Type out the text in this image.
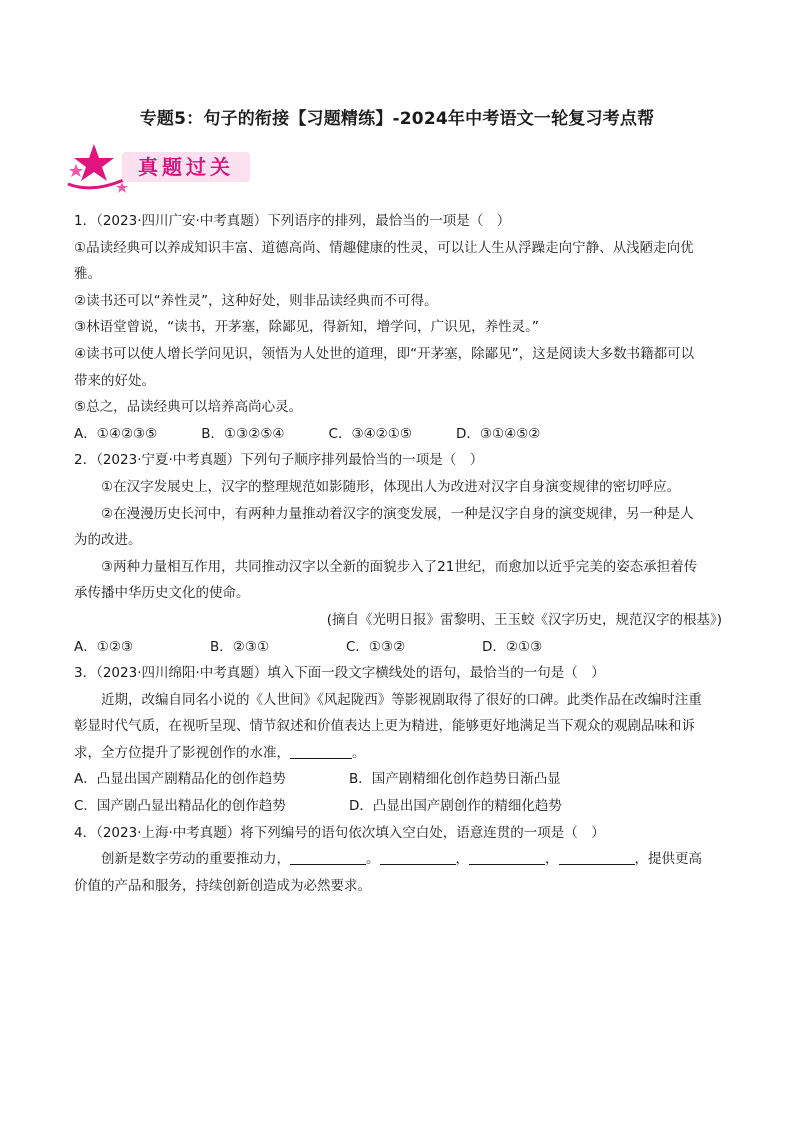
专题5：句子的衔接【习题精练】-2024年中考语文一轮复习考点帮
真题过关
1．（2023·四川广安·中考真题）下列语序的排列，最恰当的一项是（　）
①品读经典可以养成知识丰富、道德高尚、情趣健康的性灵，可以让人生从浮躁走向宁静、从浅陋走向优
雅。
②读书还可以“养性灵”，这种好处，则非品读经典而不可得。
③林语堂曾说，“读书，开茅塞，除鄙见，得新知，增学问，广识见，养性灵。”
④读书可以使人增长学问见识，领悟为人处世的道理，即“开茅塞，除鄙见”，这是阅读大多数书籍都可以
带来的好处。
⑤总之，品读经典可以培养高尚心灵。
A．①④②③⑤	B．①③②⑤④	C．③④②①⑤	D．③①④⑤②
2．（2023·宁夏·中考真题）下列句子顺序排列最恰当的一项是（　）
①在汉字发展史上，汉字的整理规范如影随形，体现出人为改进对汉字自身演变规律的密切呼应。
②在漫漫历史长河中，有两种力量推动着汉字的演变发展，一种是汉字自身的演变规律，另一种是人
为的改进。
③两种力量相互作用，共同推动汉字以全新的面貌步入了21世纪，而愈加以近乎完美的姿态承担着传
承传播中华历史文化的使命。
(摘自《光明日报》雷黎明、王玉蛟《汉字历史，规范汉字的根基》)
A．①②③	B．②③①	C．①③②	D．②①③
3．（2023·四川绵阳·中考真题）填入下面一段文字横线处的语句，最恰当的一句是（　）
近期，改编自同名小说的《人世间》《风起陇西》等影视剧取得了很好的口碑。此类作品在改编时注重
彰显时代气质，在视听呈现、情节叙述和价值表达上更为精进，能够更好地满足当下观众的观剧品味和诉
求，全方位提升了影视创作的水准，	。
A．凸显出国产剧精品化的创作趋势	B．国产剧精细化创作趋势日渐凸显
C．国产剧凸显出精品化的创作趋势	D．凸显出国产剧创作的精细化趋势
4．（2023·上海·中考真题）将下列编号的语句依次填入空白处，语意连贯的一项是（　）
创新是数字劳动的重要推动力，	。	，	，	，提供更高
价值的产品和服务，持续创新创造成为必然要求。
